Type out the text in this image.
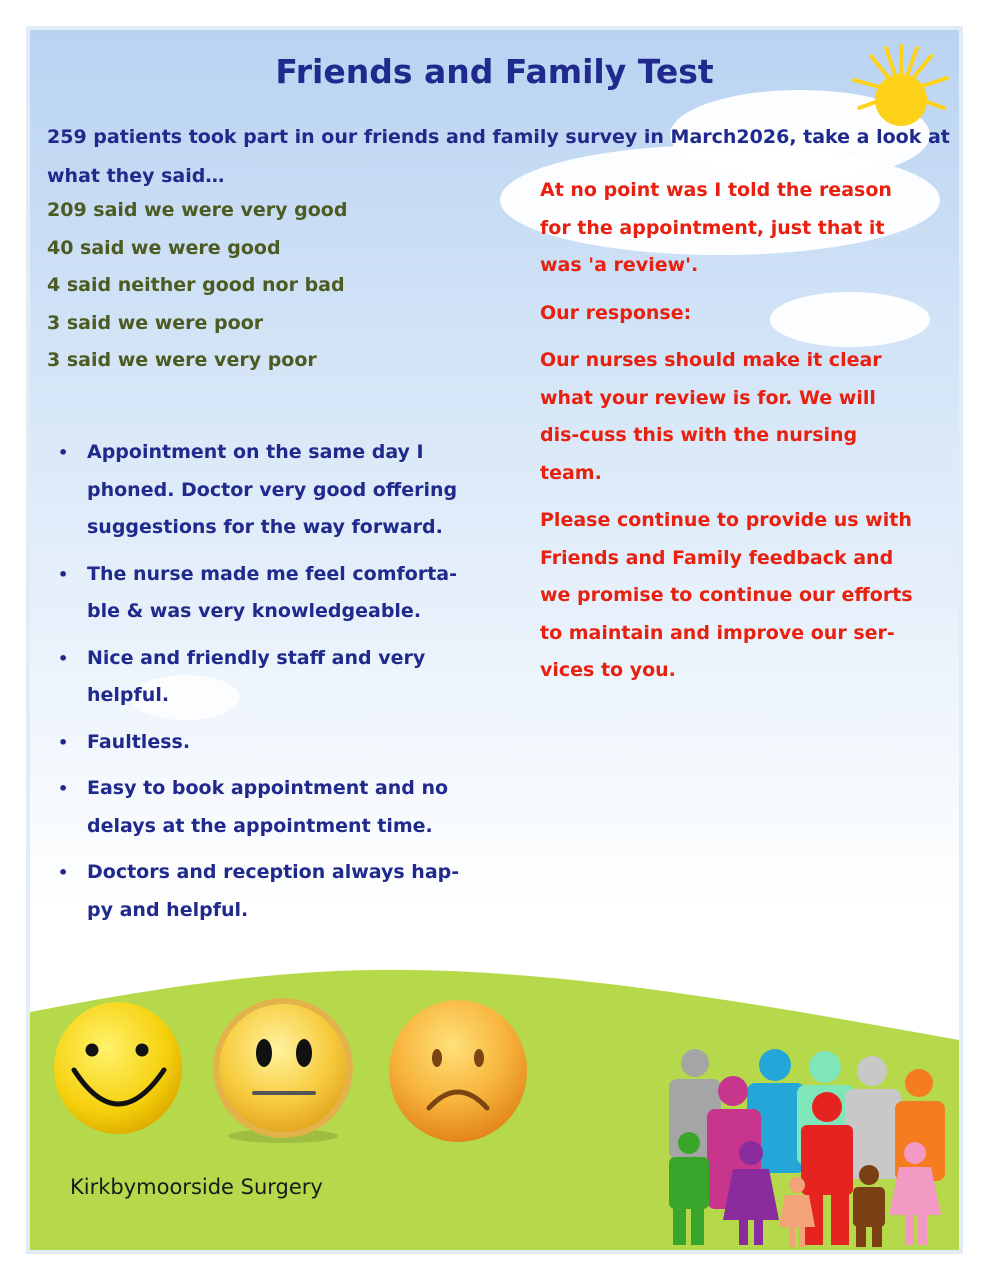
Friends and Family Test
259 patients took part in our friends and family survey in March2026, take a look at what they said…
209 said we were very good
40 said we were good
4 said neither good nor bad
3 said we were poor
3 said we were very poor
• Appointment on the same day I phoned. Doctor very good offering suggestions for the way forward.
• The nurse made me feel comforta-ble & was very knowledgeable.
• Nice and friendly staff and very helpful.
• Faultless.
• Easy to book appointment and no delays at the appointment time.
• Doctors and reception always hap-py and helpful.

At no point was I told the reason for the appointment, just that it was 'a review'.

Our response:

Our nurses should make it clear what your review is for. We will dis-cuss this with the nursing team.

Please continue to provide us with Friends and Family feedback and we promise to continue our efforts to maintain and improve our ser-vices to you.

Kirkbymoorside Surgery
